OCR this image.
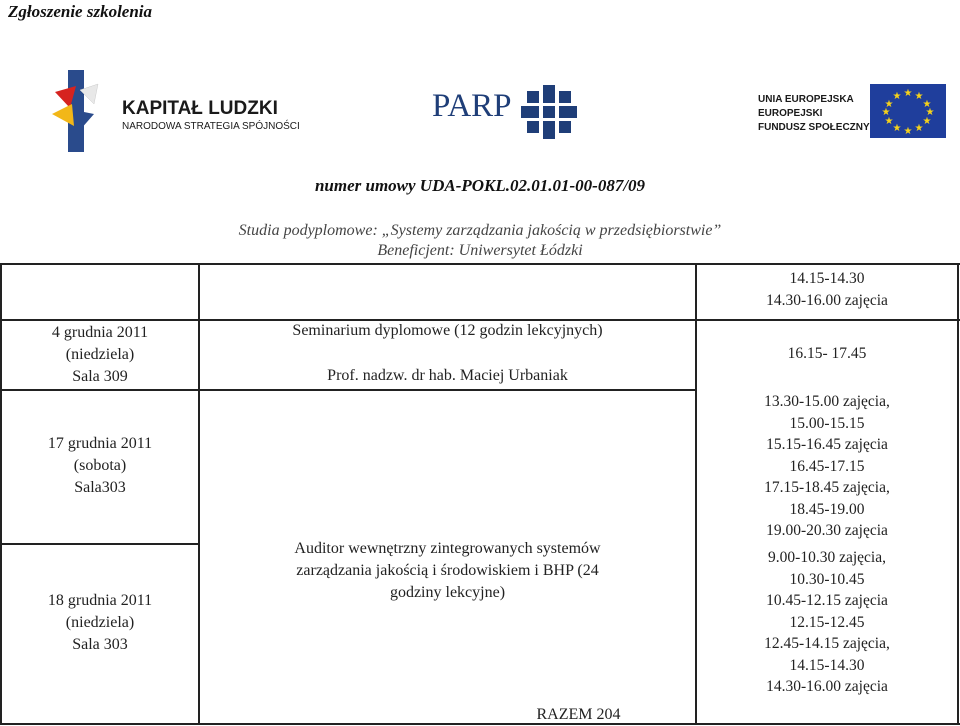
Zgłoszenie szkolenia
KAPITAŁ LUDZKI
NARODOWA STRATEGIA SPÓJNOŚCI
PARP	UNIA EUROPEJSKA
EUROPEJSKI
FUNDUSZ SPOŁECZNY
★ ★
★
★
★
★
★
★
★
★
★
★
numer umowy UDA-POKL.02.01.01-00-087/09
Studia podyplomowe: „Systemy zarządzania jakością w przedsiębiorstwie”
Beneficjent: Uniwersytet Łódzki
14.15-14.30
14.30-16.00 zajęcia
4 grudnia 2011
(niedziela)
Sala 309
17 grudnia 2011
(sobota)
Sala303
18 grudnia 2011
(niedziela)
Sala 303
Seminarium dyplomowe (12 godzin lekcyjnych)
Prof. nadzw. dr hab. Maciej Urbaniak
Auditor wewnętrzny zintegrowanych systemów
zarządzania jakością i środowiskiem i BHP (24
godziny lekcyjne)
RAZEM 204
16.15- 17.45
13.30-15.00 zajęcia,
15.00-15.15
15.15-16.45 zajęcia
16.45-17.15
17.15-18.45 zajęcia,
18.45-19.00
19.00-20.30 zajęcia
9.00-10.30 zajęcia,
10.30-10.45
10.45-12.15 zajęcia
12.15-12.45
12.45-14.15 zajęcia,
14.15-14.30
14.30-16.00 zajęcia
